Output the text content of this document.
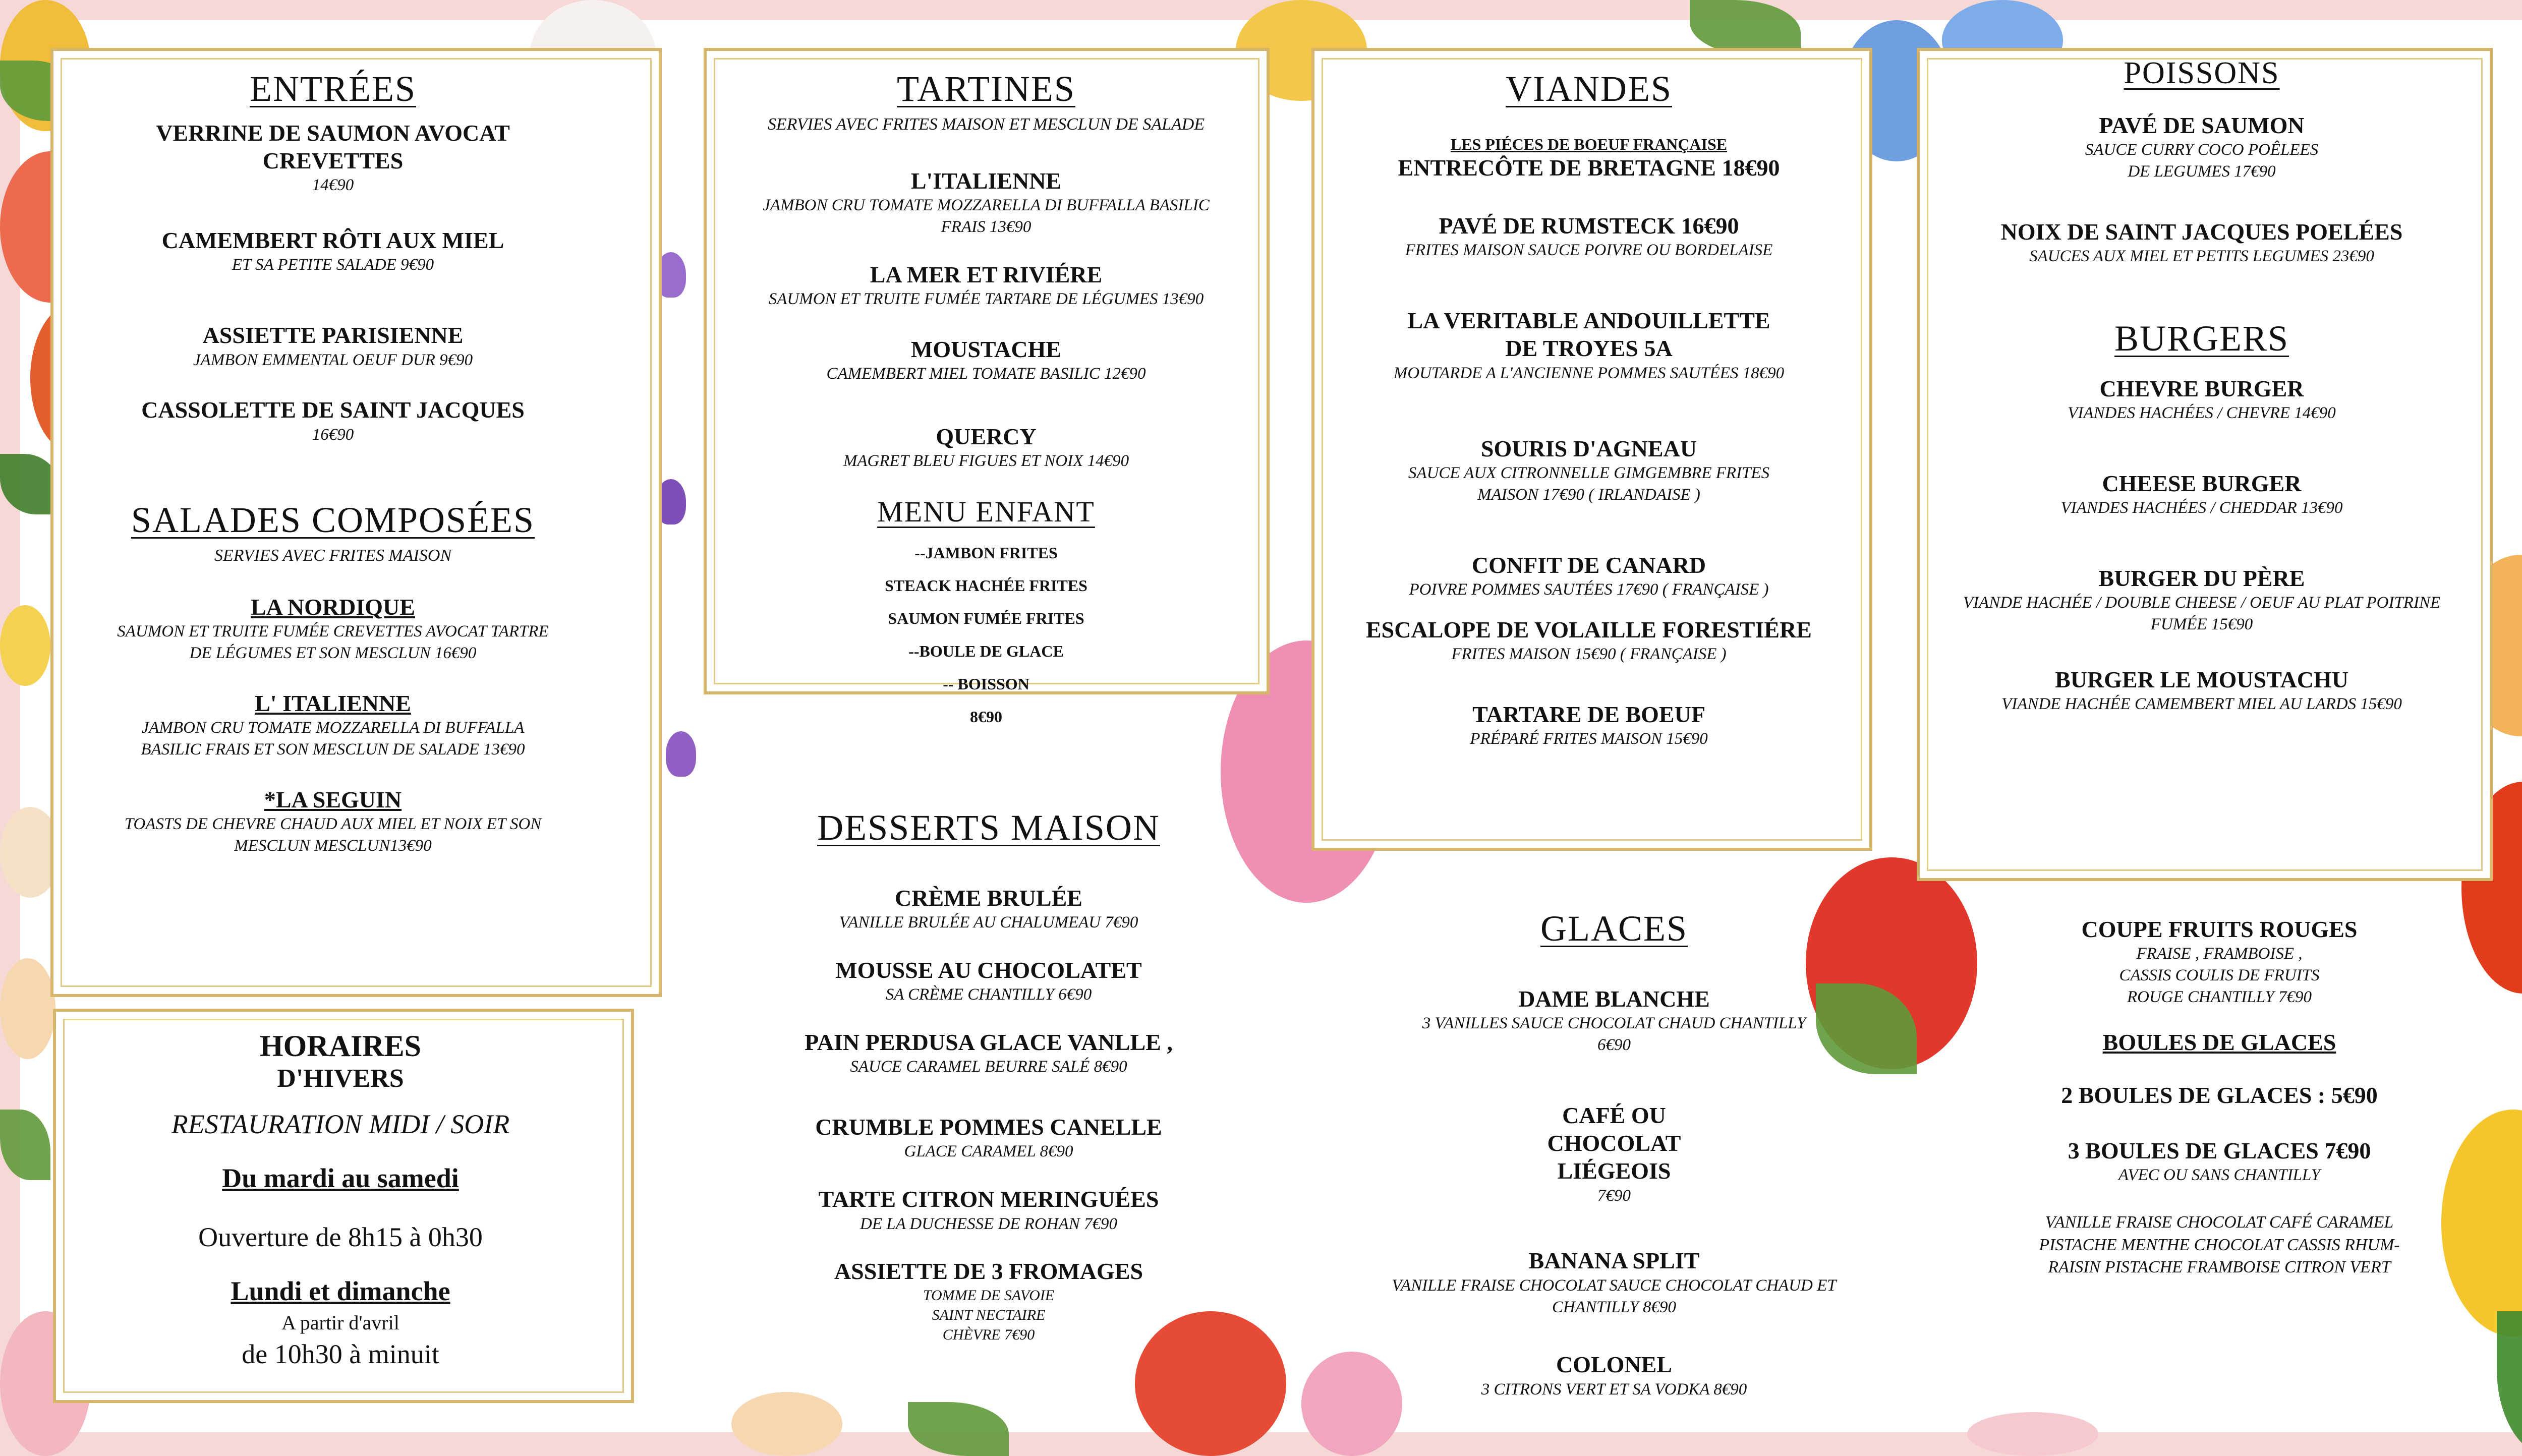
ENTRÉES
VERRINE DE SAUMON AVOCAT CREVETTES
14€90
CAMEMBERT RÔTI AUX MIEL
ET SA PETITE SALADE 9€90
ASSIETTE PARISIENNE
JAMBON EMMENTAL OEUF DUR 9€90
CASSOLETTE DE SAINT JACQUES
16€90
SALADES COMPOSÉES
SERVIES AVEC FRITES MAISON
LA NORDIQUE
SAUMON ET TRUITE FUMÉE CREVETTES AVOCAT TARTRE DE LÉGUMES ET SON MESCLUN 16€90
L' ITALIENNE
JAMBON CRU TOMATE MOZZARELLA DI BUFFALLA BASILIC FRAIS ET SON MESCLUN DE SALADE 13€90
*LA SEGUIN
TOASTS DE CHEVRE CHAUD AUX MIEL ET NOIX ET SON MESCLUN MESCLUN13€90
HORAIRES
D'HIVERS
RESTAURATION MIDI / SOIR
Du mardi au samedi
Ouverture de 8h15 à 0h30
Lundi et dimanche
A partir d'avril
de 10h30 à minuit
TARTINES
SERVIES AVEC FRITES MAISON ET MESCLUN DE SALADE
L'ITALIENNE
JAMBON CRU TOMATE MOZZARELLA DI BUFFALLA BASILIC FRAIS 13€90
LA MER ET RIVIÉRE
SAUMON ET TRUITE FUMÉE TARTARE DE LÉGUMES 13€90
MOUSTACHE
CAMEMBERT MIEL TOMATE BASILIC 12€90
QUERCY
MAGRET BLEU FIGUES ET NOIX 14€90
MENU ENFANT
--JAMBON FRITES
STEACK HACHÉE FRITES
SAUMON FUMÉE FRITES
--BOULE DE GLACE
-- BOISSON
8€90
DESSERTS MAISON
CRÈME BRULÉE
VANILLE BRULÉE AU CHALUMEAU 7€90
MOUSSE AU CHOCOLATET
SA CRÈME CHANTILLY 6€90
PAIN PERDUSA GLACE VANLLE ,
SAUCE CARAMEL BEURRE SALÉ 8€90
CRUMBLE POMMES CANELLE
GLACE CARAMEL 8€90
TARTE CITRON MERINGUÉES
DE LA DUCHESSE DE ROHAN 7€90
ASSIETTE DE 3 FROMAGES
TOMME DE SAVOIE SAINT NECTAIRE CHÈVRE 7€90
VIANDES
LES PIÉCES DE BOEUF FRANÇAISE
ENTRECÔTE DE BRETAGNE 18€90
PAVÉ DE RUMSTECK 16€90
FRITES MAISON SAUCE POIVRE OU BORDELAISE
LA VERITABLE ANDOUILLETTE DE TROYES 5A
MOUTARDE A L'ANCIENNE POMMES SAUTÉES 18€90
SOURIS D'AGNEAU
SAUCE AUX CITRONNELLE GIMGEMBRE FRITES MAISON 17€90 ( IRLANDAISE )
CONFIT DE CANARD
POIVRE POMMES SAUTÉES 17€90 ( FRANÇAISE )
ESCALOPE DE VOLAILLE FORESTIÉRE
FRITES MAISON 15€90 ( FRANÇAISE )
TARTARE DE BOEUF
PRÉPARÉ FRITES MAISON 15€90
GLACES
DAME BLANCHE
3 VANILLES SAUCE CHOCOLAT CHAUD CHANTILLY 6€90
CAFÉ OU CHOCOLAT LIÉGEOIS
7€90
BANANA SPLIT
VANILLE FRAISE CHOCOLAT SAUCE CHOCOLAT CHAUD ET CHANTILLY 8€90
COLONEL
3 CITRONS VERT ET SA VODKA 8€90
POISSONS
PAVÉ DE SAUMON
SAUCE CURRY COCO POÊLEES DE LEGUMES 17€90
NOIX DE SAINT JACQUES POELÉES
SAUCES AUX MIEL ET PETITS LEGUMES 23€90
BURGERS
CHEVRE BURGER
VIANDES HACHÉES / CHEVRE 14€90
CHEESE BURGER
VIANDES HACHÉES / CHEDDAR 13€90
BURGER DU PÈRE
VIANDE HACHÉE / DOUBLE CHEESE / OEUF AU PLAT POITRINE FUMÉE 15€90
BURGER LE MOUSTACHU
VIANDE HACHÉE CAMEMBERT MIEL AU LARDS 15€90
COUPE FRUITS ROUGES
FRAISE , FRAMBOISE , CASSIS COULIS DE FRUITS ROUGE CHANTILLY 7€90
BOULES DE GLACES
2 BOULES DE GLACES : 5€90
3 BOULES DE GLACES 7€90
AVEC OU SANS CHANTILLY
VANILLE FRAISE CHOCOLAT CAFÉ CARAMEL PISTACHE MENTHE CHOCOLAT CASSIS RHUM-RAISIN PISTACHE FRAMBOISE CITRON VERT
